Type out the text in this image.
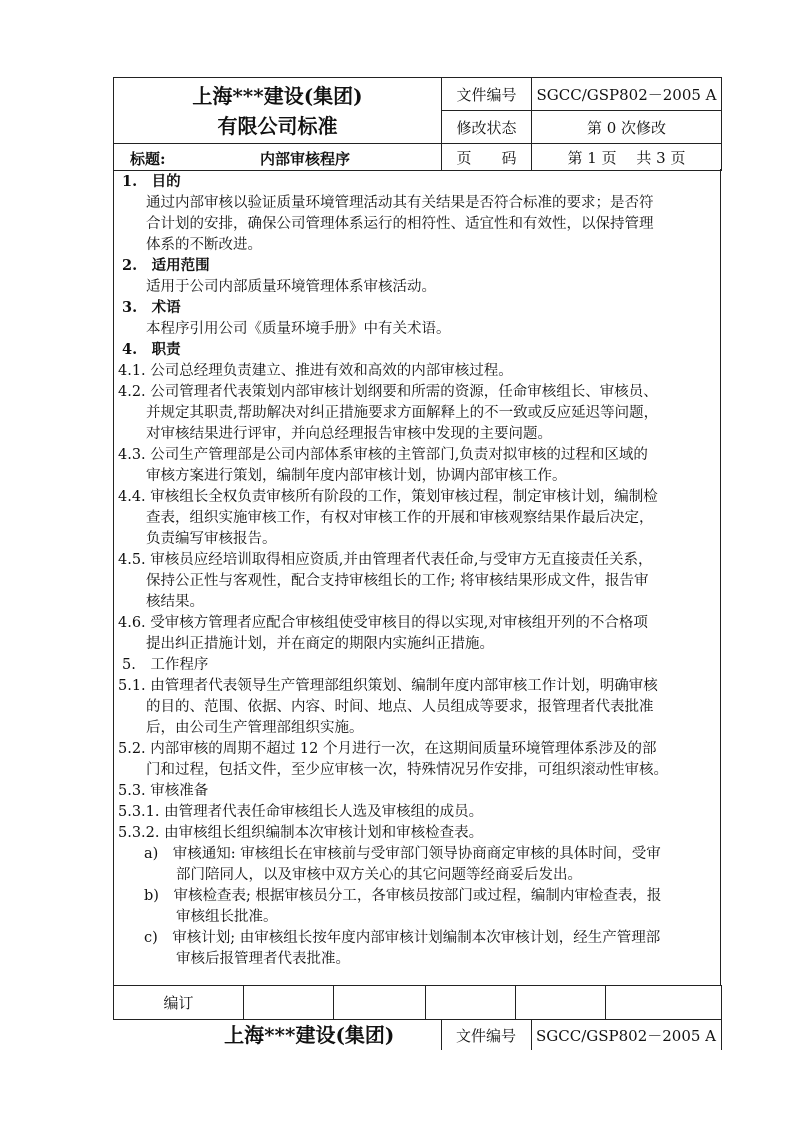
上海***建设(集团)
有限公司标准	文件编号	SGCC/GSP802－2005 A
	修改状态	第 0 次修改

标题: 内部审核程序	页　　码	第 1 页　 共 3 页
1.　目的
通过内部审核以验证质量环境管理活动其有关结果是否符合标准的要求；是否符
合计划的安排，确保公司管理体系运行的相符性、适宜性和有效性，以保持管理
体系的不断改进。
2.　适用范围
适用于公司内部质量环境管理体系审核活动。
3.　术语
本程序引用公司《质量环境手册》中有关术语。
4.　职责
4.1. 公司总经理负责建立、推进有效和高效的内部审核过程。
4.2. 公司管理者代表策划内部审核计划纲要和所需的资源，任命审核组长、审核员、
并规定其职责,帮助解决对纠正措施要求方面解释上的不一致或反应延迟等问题，
对审核结果进行评审，并向总经理报告审核中发现的主要问题。
4.3. 公司生产管理部是公司内部体系审核的主管部门,负责对拟审核的过程和区域的
审核方案进行策划，编制年度内部审核计划，协调内部审核工作。
4.4. 审核组长全权负责审核所有阶段的工作，策划审核过程，制定审核计划，编制检
查表，组织实施审核工作，有权对审核工作的开展和审核观察结果作最后决定，
负责编写审核报告。
4.5. 审核员应经培训取得相应资质,并由管理者代表任命,与受审方无直接责任关系，
保持公正性与客观性，配合支持审核组长的工作; 将审核结果形成文件，报告审
核结果。
4.6. 受审核方管理者应配合审核组使受审核目的得以实现,对审核组开列的不合格项
提出纠正措施计划，并在商定的期限内实施纠正措施。
5.　工作程序
5.1. 由管理者代表领导生产管理部组织策划、编制年度内部审核工作计划，明确审核
的目的、范围、依据、内容、时间、地点、人员组成等要求，报管理者代表批准
后，由公司生产管理部组织实施。
5.2. 内部审核的周期不超过 12 个月进行一次，在这期间质量环境管理体系涉及的部
门和过程，包括文件，至少应审核一次，特殊情况另作安排，可组织滚动性审核。
5.3. 审核准备
5.3.1. 由管理者代表任命审核组长人选及审核组的成员。
5.3.2. 由审核组长组织编制本次审核计划和审核检查表。
a)　审核通知: 审核组长在审核前与受审部门领导协商商定审核的具体时间，受审
部门陪同人，以及审核中双方关心的其它问题等经商妥后发出。
b)　审核检查表; 根据审核员分工，各审核员按部门或过程，编制内审检查表，报
审核组长批准。
c)　审核计划; 由审核组长按年度内部审核计划编制本次审核计划，经生产管理部
审核后报管理者代表批准。
编订					
上海***建设(集团)	文件编号	SGCC/GSP802－2005 A
